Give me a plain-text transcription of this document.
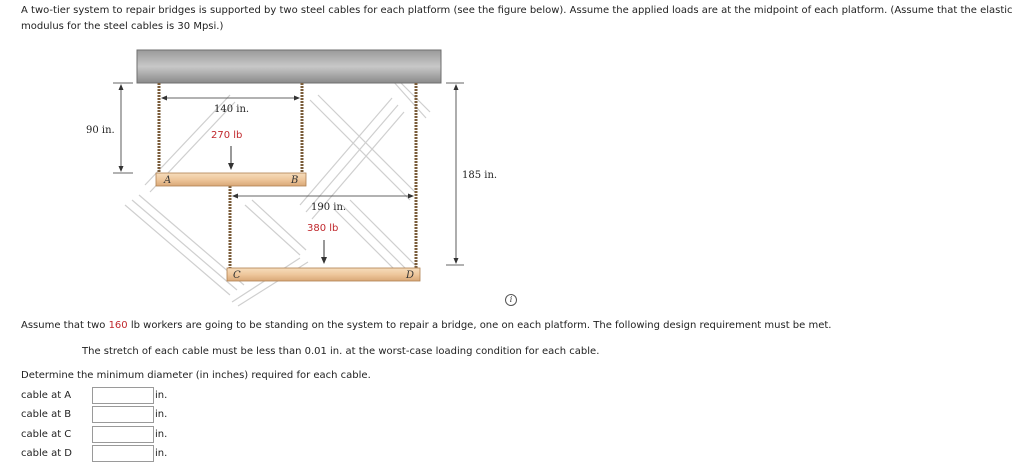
A two-tier system to repair bridges is supported by two steel cables for each platform (see the figure below). Assume the applied loads are at the midpoint of each platform. (Assume that the elastic modulus for the steel cables is 30 Mpsi.)
A	B
C	D
90 in.
140 in.
270 lb
190 in.
380 lb
185 in.
i
Assume that two 160 lb workers are going to be standing on the system to repair a bridge, one on each platform. The following design requirement must be met.
The stretch of each cable must be less than 0.01 in. at the worst-case loading condition for each cable.
Determine the minimum diameter (in inches) required for each cable.
cable at A	in.
cable at B	in.
cable at C	in.
cable at D	in.
